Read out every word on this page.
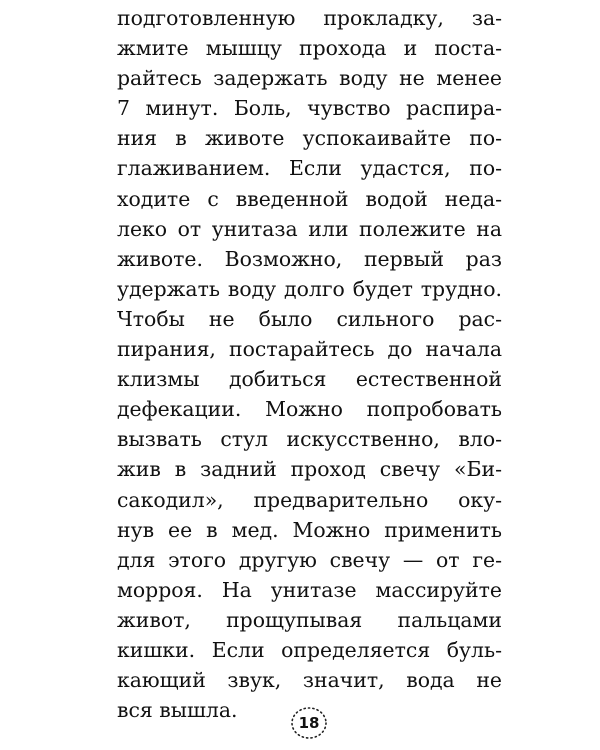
подготовленную прокладку, за-
жмите мышцу прохода и поста-
райтесь задержать воду не менее
7 минут. Боль, чувство распира-
ния в животе успокаивайте по-
глаживанием. Если удастся, по-
ходите с введенной водой неда-
леко от унитаза или полежите на
животе. Возможно, первый раз
удержать воду долго будет трудно.
Чтобы не было сильного рас-
пирания, постарайтесь до начала
клизмы добиться естественной
дефекации. Можно попробовать
вызвать стул искусственно, вло-
жив в задний проход свечу «Би-
сакодил», предварительно оку-
нув ее в мед. Можно применить
для этого другую свечу — от ге-
морроя. На унитазе массируйте
живот, прощупывая пальцами
кишки. Если определяется буль-
кающий звук, значит, вода не
вся вышла.
18
